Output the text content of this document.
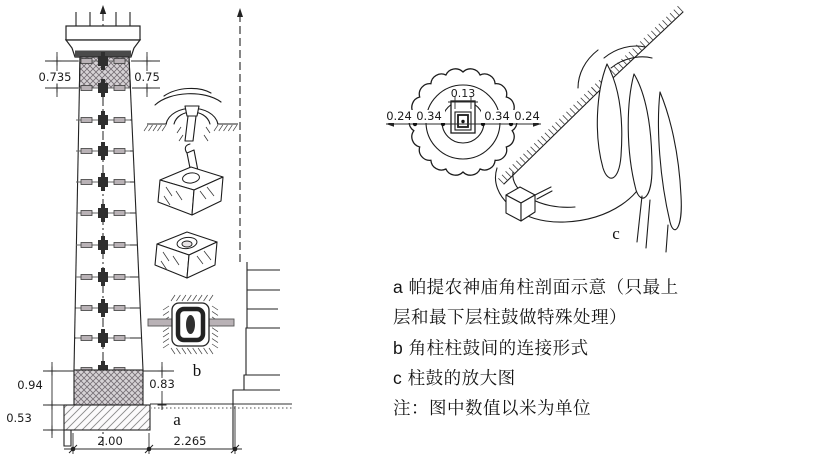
0.735	0.75
0.94
0.53
0.83
2.00	2.265
a
b
0.13
0.24 0.34	0.34 0.24
c
a 帕提农神庙角柱剖面示意（只最上
层和最下层柱鼓做特殊处理）
b 角柱柱鼓间的连接形式
c 柱鼓的放大图
注：图中数值以米为单位
